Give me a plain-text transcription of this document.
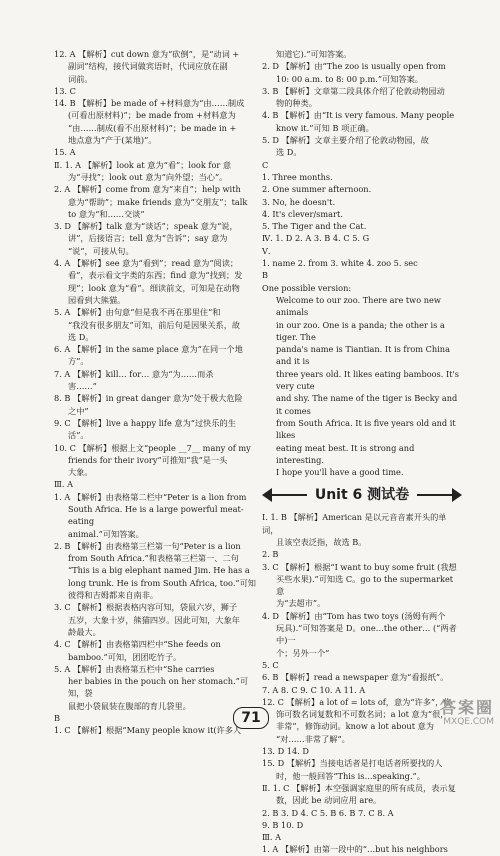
12. A 【解析】cut down 意为“砍倒”，是“动词 +

副词”结构，接代词做宾语时，代词应放在副

词前。

13. C

14. B 【解析】be made of +材料意为“由……制成

(可看出原材料)”；be made from +材料意为

“由……制成(看不出原材料)”；be made in +

地点意为“产于(某地)”。

15. A

Ⅱ. 1. A 【解析】look at 意为“看”；look for 意

为“寻找”；look out 意为“向外望；当心”。

2. A 【解析】come from 意为“来自”；help with

意为“帮助”；make friends 意为“交朋友”；talk

to 意为“和……交谈”

3. D 【解析】talk 意为“谈话”；speak 意为“说，

讲”，后接语言；tell 意为“告诉”；say 意为

“说”，可接从句。

4. A 【解析】see 意为“看到”；read 意为“阅读；

看”，表示看文字类的东西；find 意为“找到；发

现”；look 意为“看”。细读前文，可知是在动物

园看到大熊猫。

5. A 【解析】由句意“但是我不再在那里住”和

“我没有很多朋友”可知，前后句是因果关系，故

选 D。

6. A 【解析】in the same place 意为“在同一个地

方”。

7. A 【解析】kill… for… 意为“为……而杀

害……”

8. B 【解析】in great danger 意为“处于极大危险

之中”

9. C 【解析】live a happy life 意为“过快乐的生

活”。

10. C 【解析】根据上文“people __7__ many of my

friends for their ivory”可推知“我”是一头

大象。

Ⅲ. A

1. A 【解析】由表格第二栏中“Peter is a lion from

South Africa. He is a large powerful meat-eating

animal.”可知答案。

2. B 【解析】由表格第三栏第一句“Peter is a lion

from South Africa.”和表格第三栏第一、二句

“This is a big elephant named Jim. He has a

long trunk. He is from South Africa, too.”可知

彼得和吉姆都来自南非。

3. C 【解析】根据表格内容可知，袋鼠六岁，狮子

五岁，大象十岁，熊猫四岁。因此可知，大象年

龄最大。

4. C 【解析】由表格第四栏中“She feeds on

bamboo.”可知，团团吃竹子。

5. A 【解析】由表格第五栏中“She carries

her babies in the pouch on her stomach.”可知，袋

鼠把小袋鼠装在腹部的育儿袋里。

B

1. C 【解析】根据“Many people know it(许多人

知道它).”可知答案。

2. D 【解析】由“The zoo is usually open from

10: 00 a.m. to 8: 00 p.m.”可知答案。

3. B 【解析】文章第二段具体介绍了伦敦动物园动

物的种类。

4. B 【解析】由“It is very famous. Many people

know it.”可知 B 项正确。

5. D 【解析】文章主要介绍了伦敦动物园，故

选 D。

C

1. Three months.

2. One summer afternoon.

3. No, he doesn't.

4. It's clever/smart.

5. The Tiger and the Cat.

Ⅳ. 1. D 2. A 3. B 4. C 5. G

Ⅴ.

1. name 2. from 3. white 4. zoo 5. sec

B

One possible version:

Welcome to our zoo. There are two new animals

in our zoo. One is a panda; the other is a tiger. The

panda's name is Tiantian. It is from China and it is

three years old. It likes eating bamboos. It's very cute

and shy. The name of the tiger is Becky and it comes

from South Africa. It is five years old and it likes

eating meat best. It is strong and interesting.

I hope you'll have a good time.

Unit 6 测试卷

Ⅰ. 1. B 【解析】American 是以元音音素开头的单词，

且该空表泛指，故选 B。

2. B

3. C 【解析】根据“I want to buy some fruit (我想

买些水果).”可知选 C。go to the supermarket 意

为“去超市”。

4. D 【解析】由“Tom has two toys (汤姆有两个

玩具).”可知答案是 D。one…the other… (“两者中)一

个；另外一个”

5. C

6. B 【解析】read a newspaper 意为“看报纸”。

7. A 8. C 9. C 10. A 11. A

12. C 【解析】a lot of = lots of，意为“许多”，修

饰可数名词复数和不可数名词；a lot 意为“很，

非常”，修饰动词。know a lot about 意为

“对……非常了解”。

13. D 14. D

15. D 【解析】当接电话者是打电话者所要找的人

时，他一般回答“This is…speaking.”。

Ⅱ. 1. C 【解析】本空强调家庭里的所有成员，表示复

数，因此 be 动词应用 are。

2. B 3. D 4. C 5. B 6. B 7. C 8. A

9. B 10. D

Ⅲ. A

1. A 【解析】由第一段中的“…but his neighbors

71
答案圈
MXQE.COM
